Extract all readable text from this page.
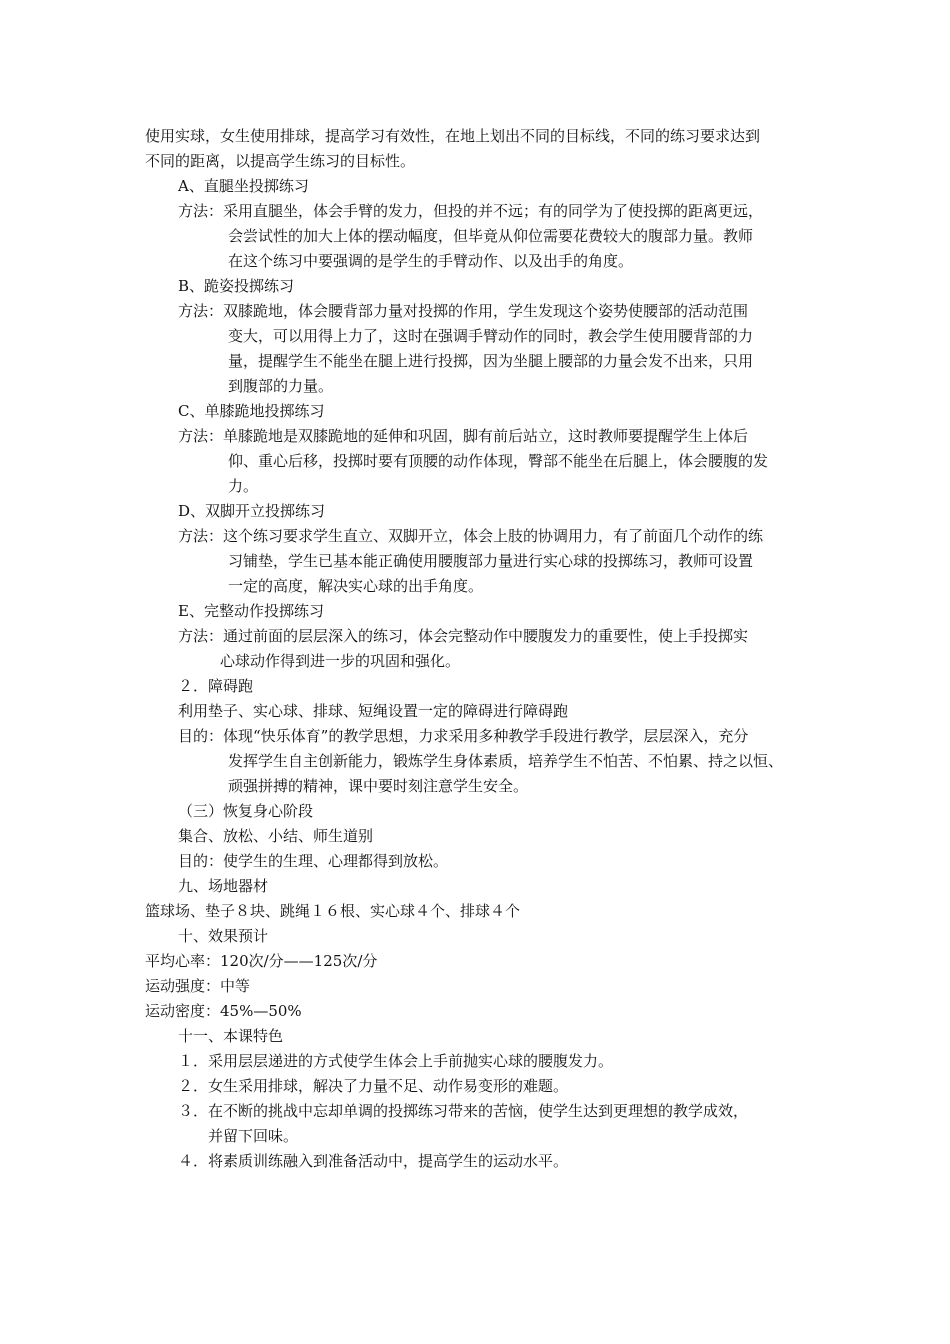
使用实球，女生使用排球，提高学习有效性，在地上划出不同的目标线，不同的练习要求达到

不同的距离，以提高学生练习的目标性。

A、直腿坐投掷练习

方法：采用直腿坐，体会手臂的发力，但投的并不远；有的同学为了使投掷的距离更远，

会尝试性的加大上体的摆动幅度，但毕竟从仰位需要花费较大的腹部力量。教师

在这个练习中要强调的是学生的手臂动作、以及出手的角度。

B、跪姿投掷练习

方法：双膝跪地，体会腰背部力量对投掷的作用，学生发现这个姿势使腰部的活动范围

变大，可以用得上力了，这时在强调手臂动作的同时，教会学生使用腰背部的力

量，提醒学生不能坐在腿上进行投掷，因为坐腿上腰部的力量会发不出来，只用

到腹部的力量。

C、单膝跪地投掷练习

方法：单膝跪地是双膝跪地的延伸和巩固，脚有前后站立，这时教师要提醒学生上体后

仰、重心后移，投掷时要有顶腰的动作体现，臀部不能坐在后腿上，体会腰腹的发

力。

D、双脚开立投掷练习

方法：这个练习要求学生直立、双脚开立，体会上肢的协调用力，有了前面几个动作的练

习铺垫，学生已基本能正确使用腰腹部力量进行实心球的投掷练习，教师可设置

一定的高度，解决实心球的出手角度。

E、完整动作投掷练习

方法：通过前面的层层深入的练习，体会完整动作中腰腹发力的重要性，使上手投掷实

心球动作得到进一步的巩固和强化。

２．障碍跑

利用垫子、实心球、排球、短绳设置一定的障碍进行障碍跑

目的：体现“快乐体育”的教学思想，力求采用多种教学手段进行教学，层层深入，充分

发挥学生自主创新能力，锻炼学生身体素质，培养学生不怕苦、不怕累、持之以恒、

顽强拼搏的精神，课中要时刻注意学生安全。

（三）恢复身心阶段

集合、放松、小结、师生道别

目的：使学生的生理、心理都得到放松。

九、场地器材

篮球场、垫子８块、跳绳１６根、实心球４个、排球４个

十、效果预计

平均心率：120次/分——125次/分

运动强度：中等

运动密度：45%—50%

十一、本课特色

１．采用层层递进的方式使学生体会上手前抛实心球的腰腹发力。

２．女生采用排球，解决了力量不足、动作易变形的难题。

３．在不断的挑战中忘却单调的投掷练习带来的苦恼，使学生达到更理想的教学成效，

并留下回味。

４．将素质训练融入到准备活动中，提高学生的运动水平。
